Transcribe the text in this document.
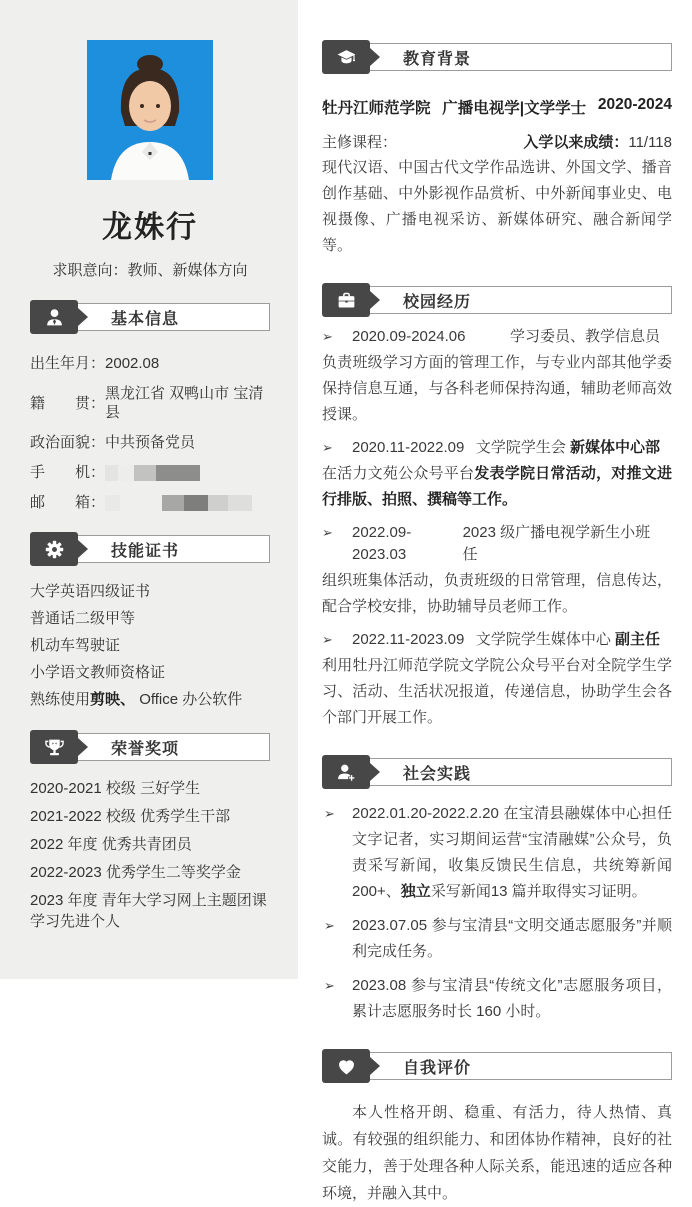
龙姝行
求职意向：教师、新媒体方向
基本信息
出生年月： 2002.08
籍　　贯：
黑龙江省 双鸭山市 宝清县
政治面貌： 中共预备党员
手　　机：
邮　　箱：
技能证书
大学英语四级证书
普通话二级甲等
机动车驾驶证
小学语文教师资格证
熟练使用剪映、 Office 办公软件
荣誉奖项
2020-2021 校级 三好学生
2021-2022 校级 优秀学生干部
2022 年度 优秀共青团员
2022-2023 优秀学生二等奖学金
2023 年度 青年大学习网上主题团课学习先进个人
教育背景
牡丹江师范学院 广播电视学|文学学士 2020-2024
主修课程：	入学以来成绩：11/118

现代汉语、中国古代文学作品选讲、外国文学、播音创作基础、中外影视作品赏析、中外新闻事业史、电视摄像、广播电视采访、新媒体研究、融合新闻学等。

校园经历
➢	2020.09-2024.06	学习委员、教学信息员
负责班级学习方面的管理工作，与专业内部其他学委保持信息互通，与各科老师保持沟通，辅助老师高效授课。
➢	2020.11-2022.09 文学院学生会 新媒体中心部
在活力文苑公众号平台发表学院日常活动，对推文进行排版、拍照、撰稿等工作。
➢	2022.09-2023.03
2023 级广播电视学新生小班任
组织班集体活动，负责班级的日常管理，信息传达，配合学校安排，协助辅导员老师工作。
➢	2022.11-2023.09 文学院学生媒体中心 副主任
利用牡丹江师范学院文学院公众号平台对全院学生学习、活动、生活状况报道，传递信息，协助学生会各个部门开展工作。
社会实践
➢	2022.01.20-2022.2.20 在宝清县融媒体中心担任文字记者，实习期间运营“宝清融媒”公众号，负责采写新闻，收集反馈民生信息，共统筹新闻 200+、独立采写新闻13 篇并取得实习证明。
➢	2023.07.05 参与宝清县“文明交通志愿服务”并顺利完成任务。
➢	2023.08 参与宝清县“传统文化”志愿服务项目，累计志愿服务时长 160 小时。
自我评价

本人性格开朗、稳重、有活力，待人热情、真诚。有较强的组织能力、和团体协作精神，良好的社交能力，善于处理各种人际关系，能迅速的适应各种环境，并融入其中。
